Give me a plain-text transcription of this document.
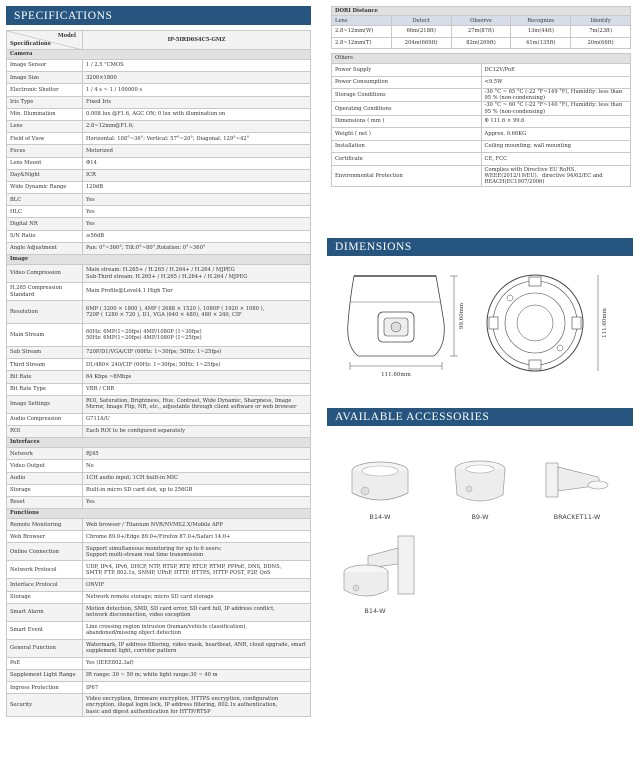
SPECIFICATIONS
Model
Specifications	IP-5IRD6S4C5-GMZ
Camera	
Image Sensor	1 / 2.5 "CMOS

Image Size	3200×1800

Electronic Shutter	1 / 4 s ~ 1 / 100000 s

Iris Type	Fixed Iris

Min. Illumination	0.008 lux @F1.6, AGC ON; 0 lux with illumination on

Lens	2.8~12mm@F1.6;

Field of View	Horizontal: 108°~36°; Vertical: 57°~20°; Diagonal: 129°~42°

Focus	Motorized

Lens Mount	Φ14

Day&Night	ICR

Wide Dynamic Range	120dB

BLC	Yes

HLC	Yes

Digital NR	Yes

S/N Ratio	≥56dB

Angle Adjustment	Pan: 0°~360°; Tilt:0°~80°,Rotation: 0°~360°

Image	
Video Compression	Main stream: H.265+ / H.265 / H.264+ / H.264 / MJPEG
Sub-Third stream: H.265+ / H.265 / H.264+ / H.264 / MJPEG

H.265 Compression Standard	Main Profile@Level4.1 High Tier

Resolution	6MP ( 3200 × 1800 ), 4MP ( 2688 × 1520 ), 1080P ( 1920 × 1080 ),
720P ( 1280 × 720 ), D1, VGA (640 × 480), 480 × 240, CIF

Main Stream	60Hz: 6MP(1~20fps) 4MP/1080P (1~30fps)
50Hz: 6MP(1~20fps) 4MP/1080P (1~25fps)

Sub Stream	720P/D1/VGA/CIF (60Hz: 1~30fps; 50Hz: 1~25fps)

Third Stream	D1/480× 240/CIF (60Hz: 1~30fps; 50Hz: 1~25fps)

Bit Rate	64 Kbps ~8Mbps

Bit Rate Type	VBR / CBR

Image Settings	ROI, Saturation, Brightness, Hue, Contrast, Wide Dynamic, Sharpness, Image
Mirror, Image Flip, NR, etc., adjustable through client software or web browser

Audio Compression	G711A/U

ROI	Each ROI to be configured separately

Interfaces	
Network	RJ45

Video Output	No

Audio	1CH audio input; 1CH built-in MIC

Storage	Built-in micro SD card slot, up to 256GB

Reset	Yes

Functions	
Remote Monitoring	Web browser / Titanium NVR/NVMS2.X/Mobile APP

Web Browser	Chrome 89.0+/Edge 89.0+/Firefox 87.0+/Safari 14.0+

Online Connection	Support simultaneous monitoring for up to 6 users;
Support multi-stream real time transmission

Network Protocol	UDP, IPv4, IPv6, DHCP, NTP, RTSP, RTP, RTCP, RTMP, PPPoE, DNS, DDNS,
SMTP, FTP, 802.1x, SNMP, UPnP, HTTP, HTTPS, HTTP POST, P2P, QoS

Interface Protocol	ONVIF

Storage	Network remote storage; micro SD card storage

Smart Alarm	Motion detection, SMD, SD card error, SD card full, IP address conflict,
network disconnection, video exception

Smart Event	Line crossing region intrusion (human/vehicle classification),
abandoned/missing object detection

General Function	Watermark, IP address filtering, video mask, heartbeat, ANR, cloud upgrade, smart
supplement light, corridor pattern

PoE	Yes (IEEE802.3af)

Supplement Light Range	IR range: 30 ~ 50 m; white light range:30 ~ 40 m

Ingress Protection	IP67

Security	Video encryption, firmware encryption, HTTPS encryption, configuration
encryption, illegal login lock, IP address filtering, 802.1x authentication,
basic and digest authentication for HTTP/RTSP
DORI Distance				
Lens	Detect	Observe	Recognize	Identify
2.8~12mm(W)	66m(218ft)	27m(87ft)	13m(44ft)	7m(23ft)
2.8~12mm(T)	204m(669ft)	82m(269ft)	41m(135ft)	20m(66ft)
Others	
Power Supply	DC12V/PoE
Power Consumption	<9.5W
Storage Conditions	-30 °C ~ 65 °C (-22 °F~149 °F), Humidity: less than 95 % (non-condensing)
Operating Conditions	-30 °C ~ 60 °C (-22 °F~140 °F), Humidity: less than 95 % (non-condensing)
Dimensions ( mm )	Φ 111.6 × 99.6
Weight ( net )	Approx. 0.66KG
Installation	Ceiling mounting; wall mounting
Certificate	CE, FCC
Environmental Protection	Complies with Directive EU RoHS、WEEE(2012/19/EU)、directive 94/62/EC and REACH(EC1907/2006)
DIMENSIONS
111.60mm
99.60mm	111.60mm
AVAILABLE ACCESSORIES
B14-W	B9-W	BRACKET11-W
B14-W
